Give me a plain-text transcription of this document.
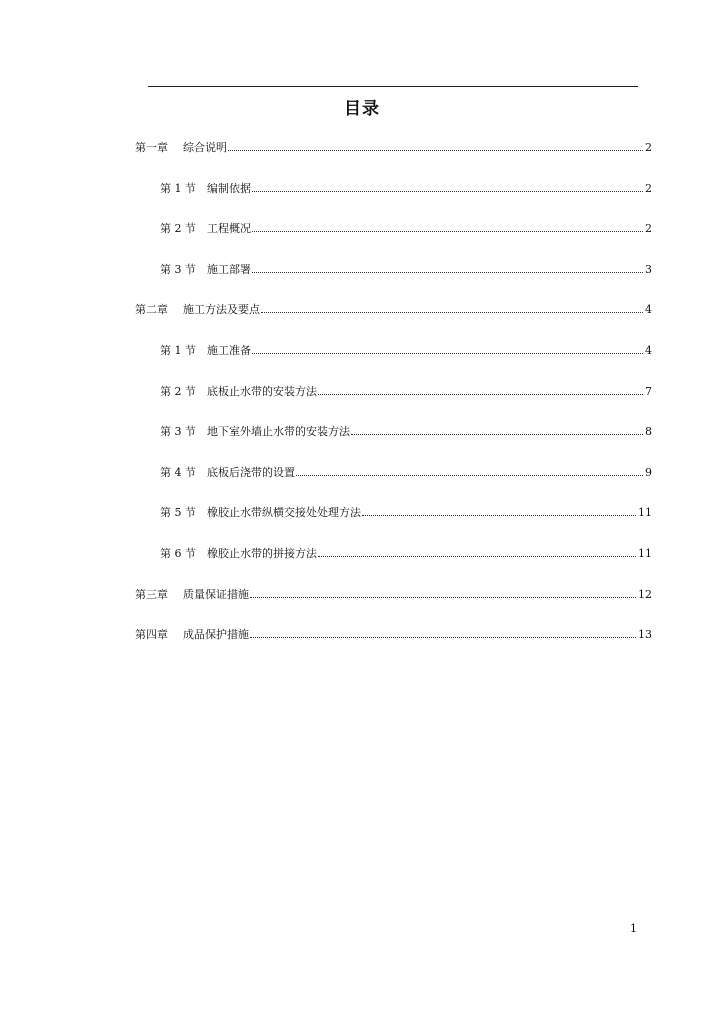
目录
第一章	综合说明	2
第 1 节	编制依据	2
第 2 节	工程概况	2
第 3 节	施工部署	3
第二章	施工方法及要点	4
第 1 节	施工准备	4
第 2 节	底板止水带的安装方法	7
第 3 节	地下室外墙止水带的安装方法	8
第 4 节	底板后浇带的设置	9
第 5 节	橡胶止水带纵横交接处处理方法	11
第 6 节	橡胶止水带的拼接方法	11
第三章	质量保证措施	12
第四章	成品保护措施	13
1
